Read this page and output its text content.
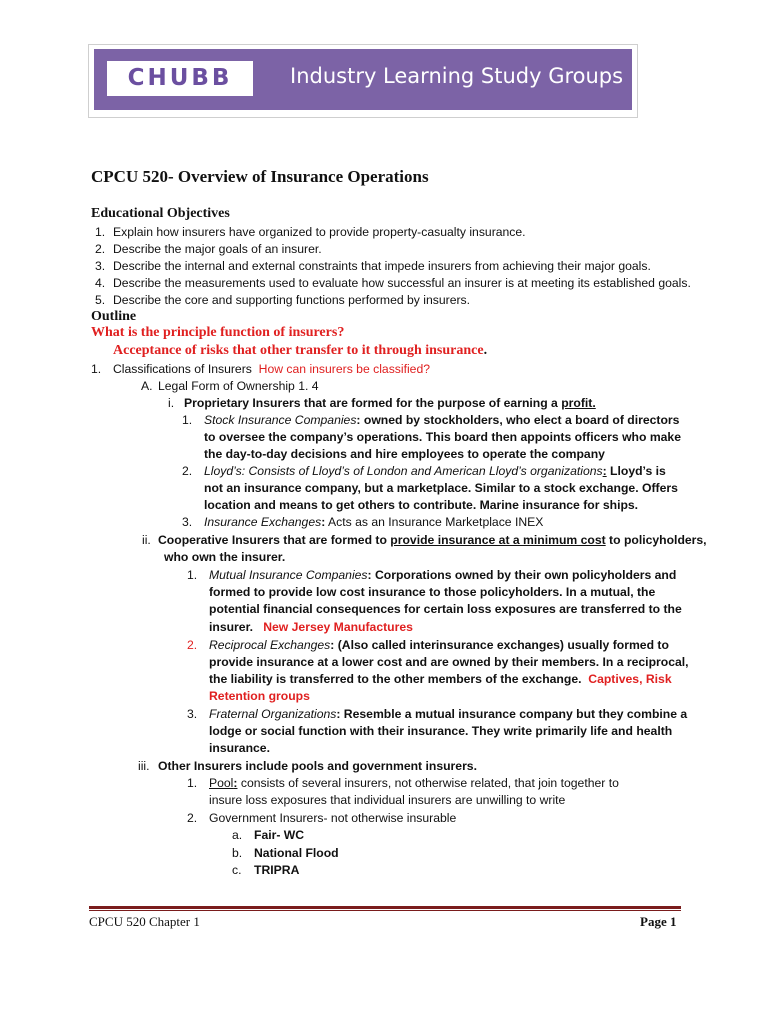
CHUBB	Industry Learning Study Groups
CPCU 520- Overview of Insurance Operations
Educational Objectives
1. Explain how insurers have organized to provide property-casualty insurance.
2. Describe the major goals of an insurer.
3. Describe the internal and external constraints that impede insurers from achieving their major goals.
4. Describe the measurements used to evaluate how successful an insurer is at meeting its established goals.
5. Describe the core and supporting functions performed by insurers.
Outline
What is the principle function of insurers?
Acceptance of risks that other transfer to it through insurance.
1. Classifications of Insurers How can insurers be classified?
A. Legal Form of Ownership 1. 4
i. Proprietary Insurers that are formed for the purpose of earning a profit.
1. Stock Insurance Companies: owned by stockholders, who elect a board of directors
to oversee the company’s operations. This board then appoints officers who make
the day-to-day decisions and hire employees to operate the company
2. Lloyd’s: Consists of Lloyd’s of London and American Lloyd’s organizations: Lloyd’s is
not an insurance company, but a marketplace. Similar to a stock exchange. Offers
location and means to get others to contribute. Marine insurance for ships.
3. Insurance Exchanges: Acts as an Insurance Marketplace INEX
ii. Cooperative Insurers that are formed to provide insurance at a minimum cost to policyholders,
who own the insurer.
1. Mutual Insurance Companies: Corporations owned by their own policyholders and
formed to provide low cost insurance to those policyholders. In a mutual, the
potential financial consequences for certain loss exposures are transferred to the
insurer. New Jersey Manufactures
2. Reciprocal Exchanges: (Also called interinsurance exchanges) usually formed to
provide insurance at a lower cost and are owned by their members. In a reciprocal,
the liability is transferred to the other members of the exchange. Captives, Risk
Retention groups
3. Fraternal Organizations: Resemble a mutual insurance company but they combine a
lodge or social function with their insurance. They write primarily life and health
insurance.
iii. Other Insurers include pools and government insurers.
1. Pool: consists of several insurers, not otherwise related, that join together to
insure loss exposures that individual insurers are unwilling to write
2. Government Insurers- not otherwise insurable
a. Fair- WC
b. National Flood
c. TRIPRA
CPCU 520 Chapter 1	Page 1
